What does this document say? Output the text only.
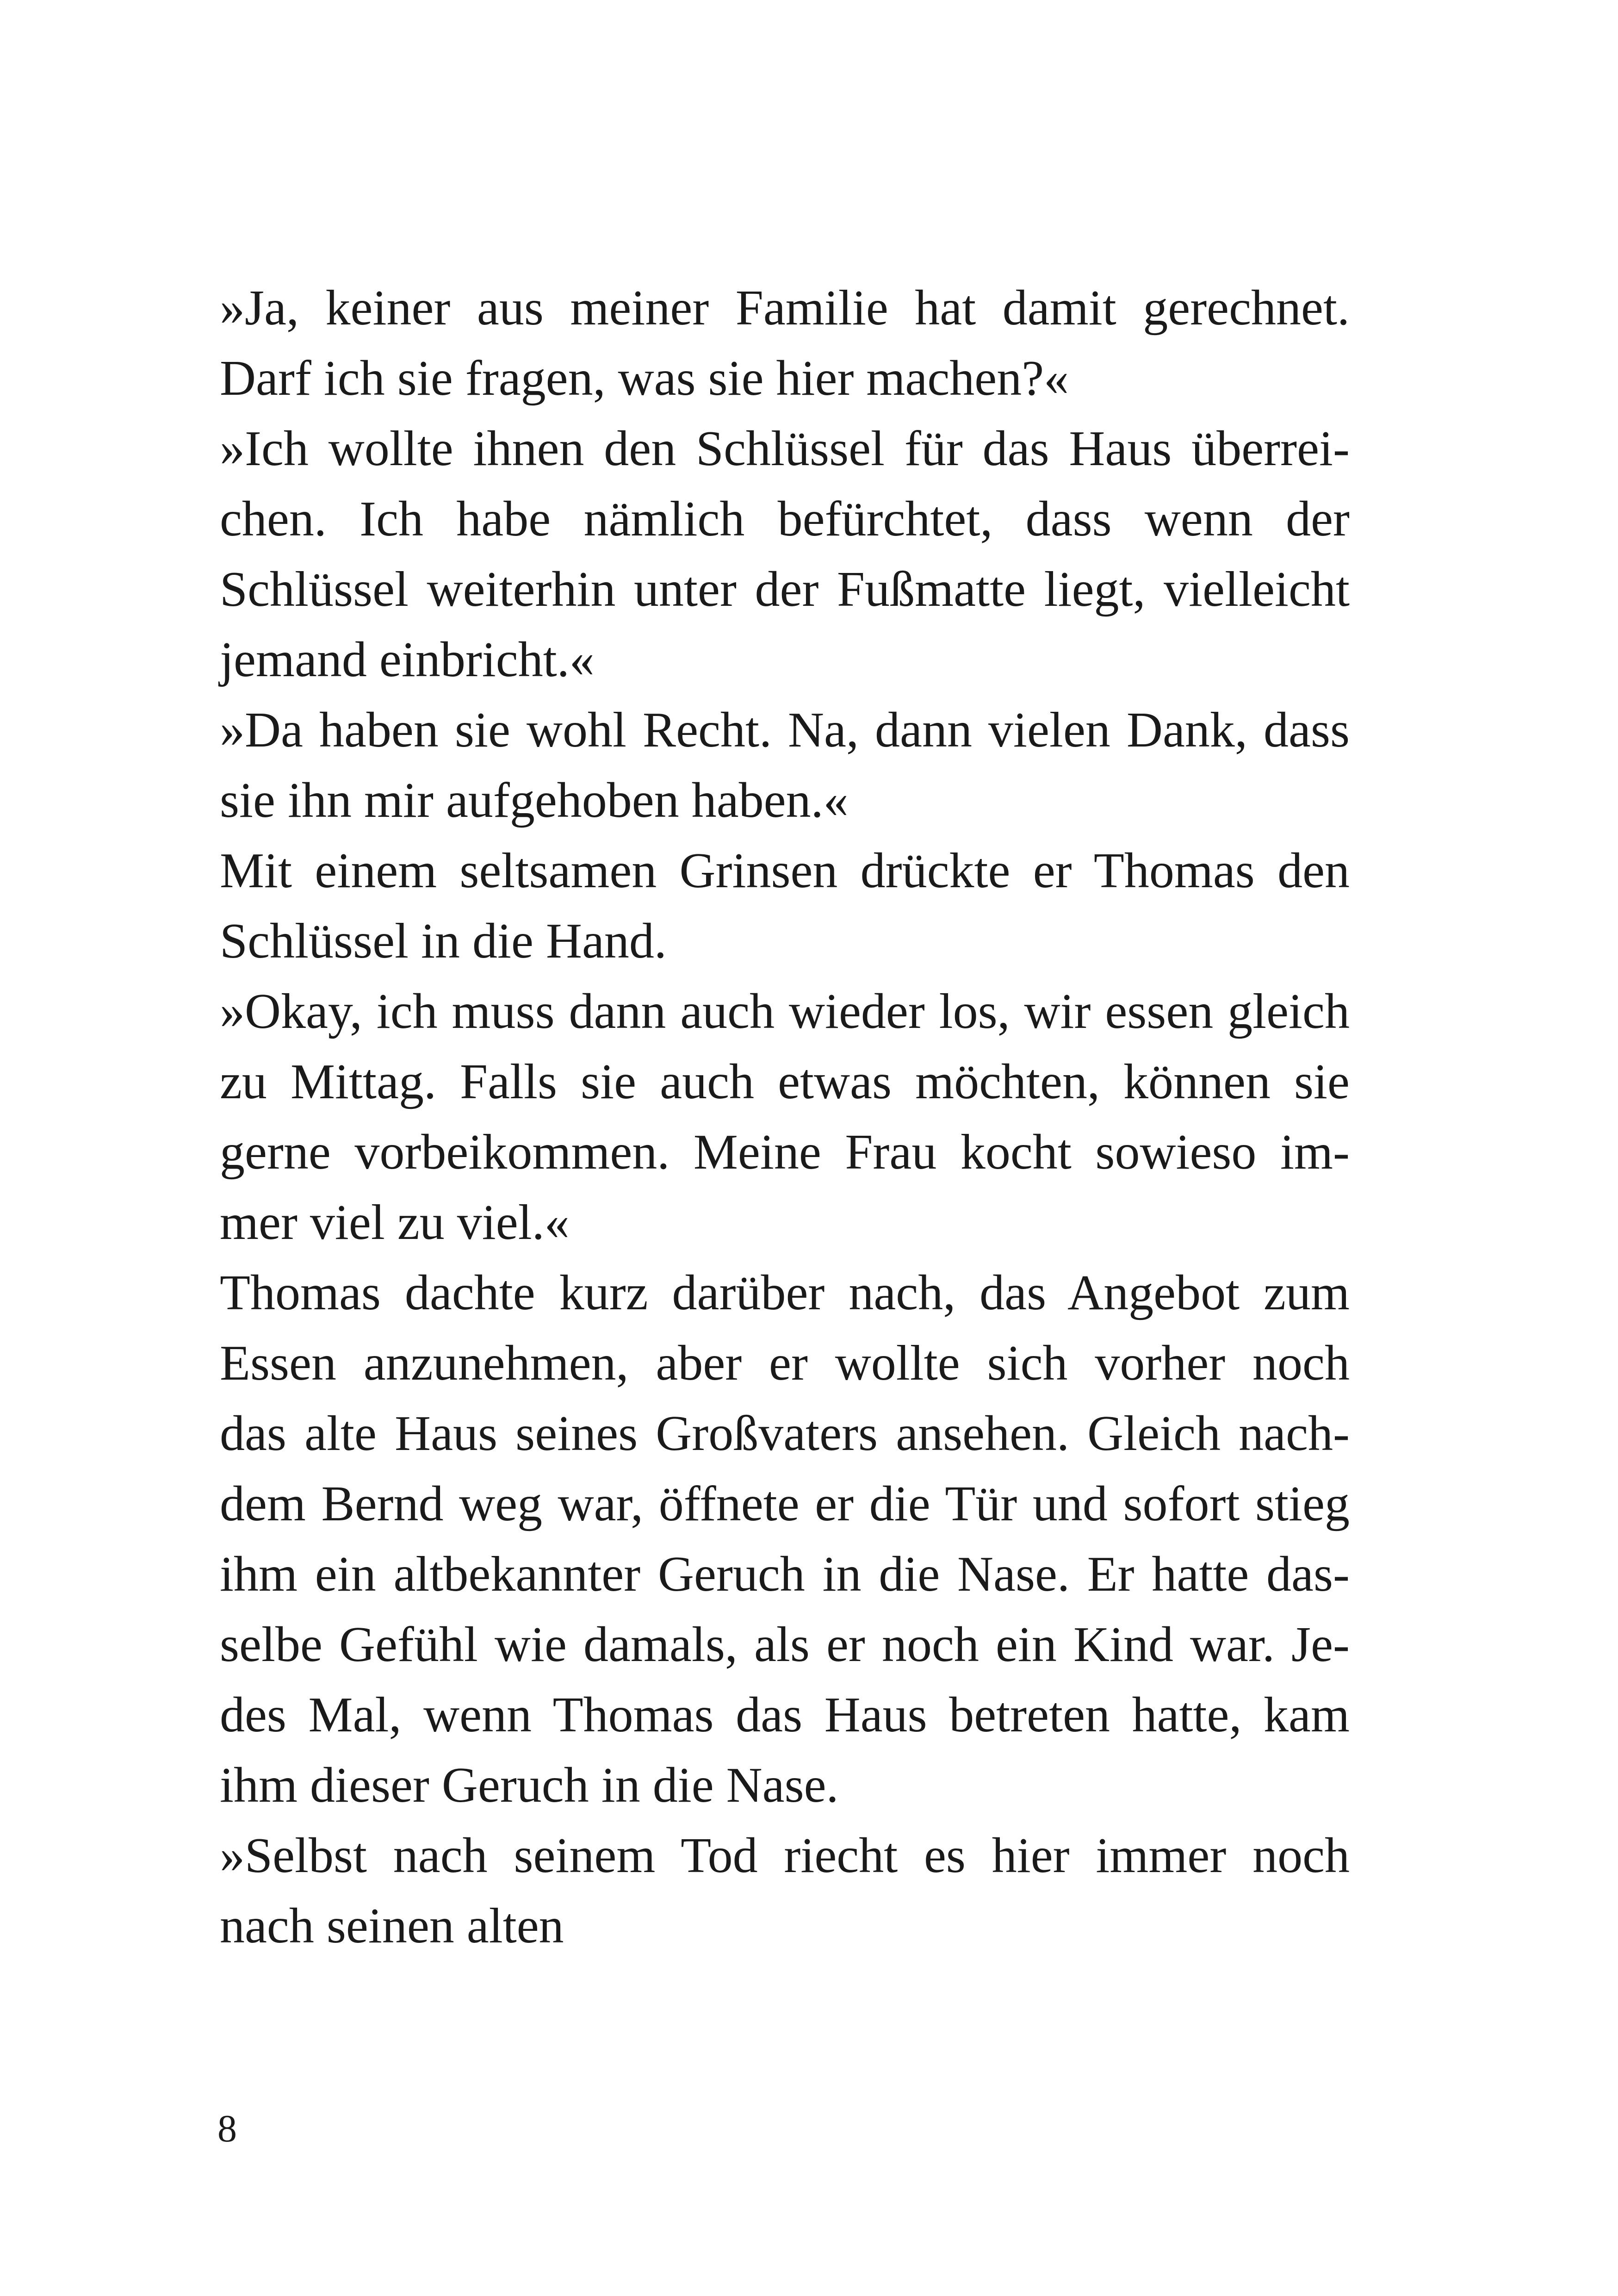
»Ja, keiner aus meiner Familie hat damit gerechnet.
Darf ich sie fragen, was sie hier machen?«
»Ich wollte ihnen den Schlüssel für das Haus überrei-
chen. Ich habe nämlich befürchtet, dass wenn der
Schlüssel weiterhin unter der Fußmatte liegt, vielleicht
jemand einbricht.«
»Da haben sie wohl Recht. Na, dann vielen Dank, dass
sie ihn mir aufgehoben haben.«
Mit einem seltsamen Grinsen drückte er Thomas den
Schlüssel in die Hand.
»Okay, ich muss dann auch wieder los, wir essen gleich
zu Mittag. Falls sie auch etwas möchten, können sie
gerne vorbeikommen. Meine Frau kocht sowieso im-
mer viel zu viel.«
Thomas dachte kurz darüber nach, das Angebot zum
Essen anzunehmen, aber er wollte sich vorher noch
das alte Haus seines Großvaters ansehen. Gleich nach-
dem Bernd weg war, öffnete er die Tür und sofort stieg
ihm ein altbekannter Geruch in die Nase. Er hatte das-
selbe Gefühl wie damals, als er noch ein Kind war. Je-
des Mal, wenn Thomas das Haus betreten hatte, kam
ihm dieser Geruch in die Nase.
»Selbst nach seinem Tod riecht es hier immer noch
nach seinen alten
8
